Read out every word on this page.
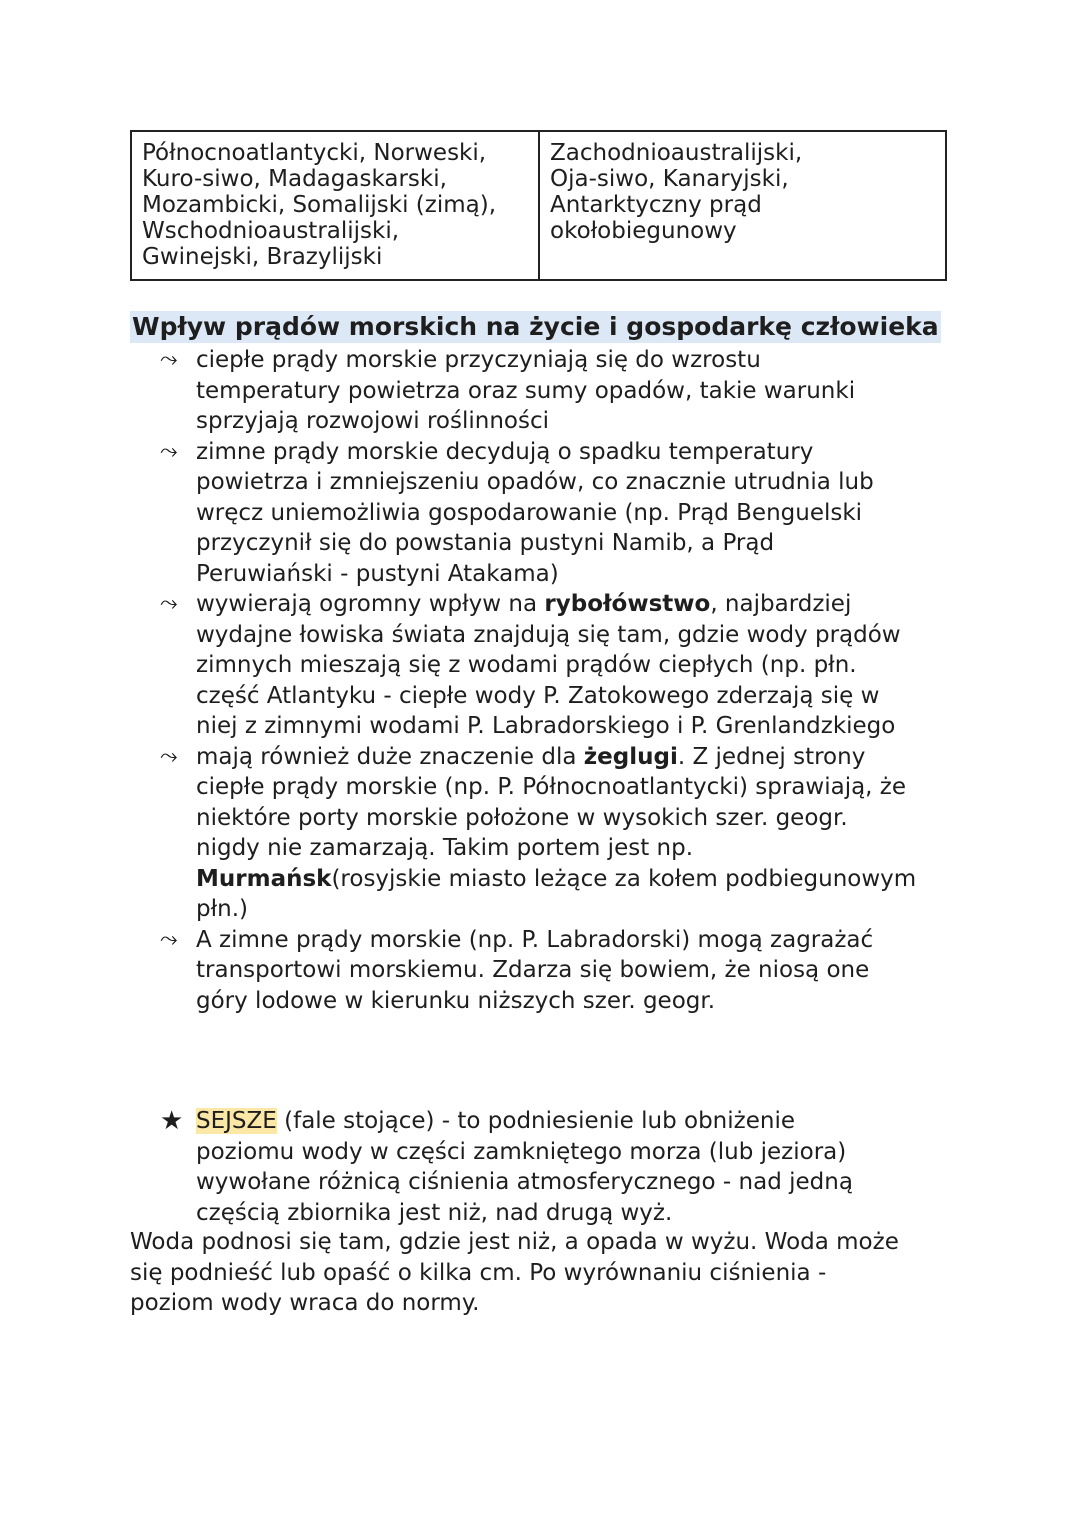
Północnoatlantycki, Norweski,
Kuro-siwo, Madagaskarski,
Mozambicki, Somalijski (zimą),
Wschodnioaustralijski,
Gwinejski, Brazylijski
Zachodnioaustralijski,
Oja-siwo, Kanaryjski,
Antarktyczny prąd
okołobiegunowy
Wpływ prądów morskich na życie i gospodarkę człowieka
⤳ ciepłe prądy morskie przyczyniają się do wzrostu
temperatury powietrza oraz sumy opadów, takie warunki
sprzyjają rozwojowi roślinności
⤳ zimne prądy morskie decydują o spadku temperatury
powietrza i zmniejszeniu opadów, co znacznie utrudnia lub
wręcz uniemożliwia gospodarowanie (np. Prąd Benguelski
przyczynił się do powstania pustyni Namib, a Prąd
Peruwiański - pustyni Atakama)
⤳ wywierają ogromny wpływ na rybołówstwo, najbardziej
wydajne łowiska świata znajdują się tam, gdzie wody prądów
zimnych mieszają się z wodami prądów ciepłych (np. płn.
część Atlantyku - ciepłe wody P. Zatokowego zderzają się w
niej z zimnymi wodami P. Labradorskiego i P. Grenlandzkiego
⤳ mają również duże znaczenie dla żeglugi. Z jednej strony
ciepłe prądy morskie (np. P. Północnoatlantycki) sprawiają, że
niektóre porty morskie położone w wysokich szer. geogr.
nigdy nie zamarzają. Takim portem jest np.
Murmańsk(rosyjskie miasto leżące za kołem podbiegunowym
płn.)
⤳ A zimne prądy morskie (np. P. Labradorski) mogą zagrażać
transportowi morskiemu. Zdarza się bowiem, że niosą one
góry lodowe w kierunku niższych szer. geogr.
★ SEJSZE (fale stojące) - to podniesienie lub obniżenie
poziomu wody w części zamkniętego morza (lub jeziora)
wywołane różnicą ciśnienia atmosferycznego - nad jedną
częścią zbiornika jest niż, nad drugą wyż.
Woda podnosi się tam, gdzie jest niż, a opada w wyżu. Woda może
się podnieść lub opaść o kilka cm. Po wyrównaniu ciśnienia -
poziom wody wraca do normy.
